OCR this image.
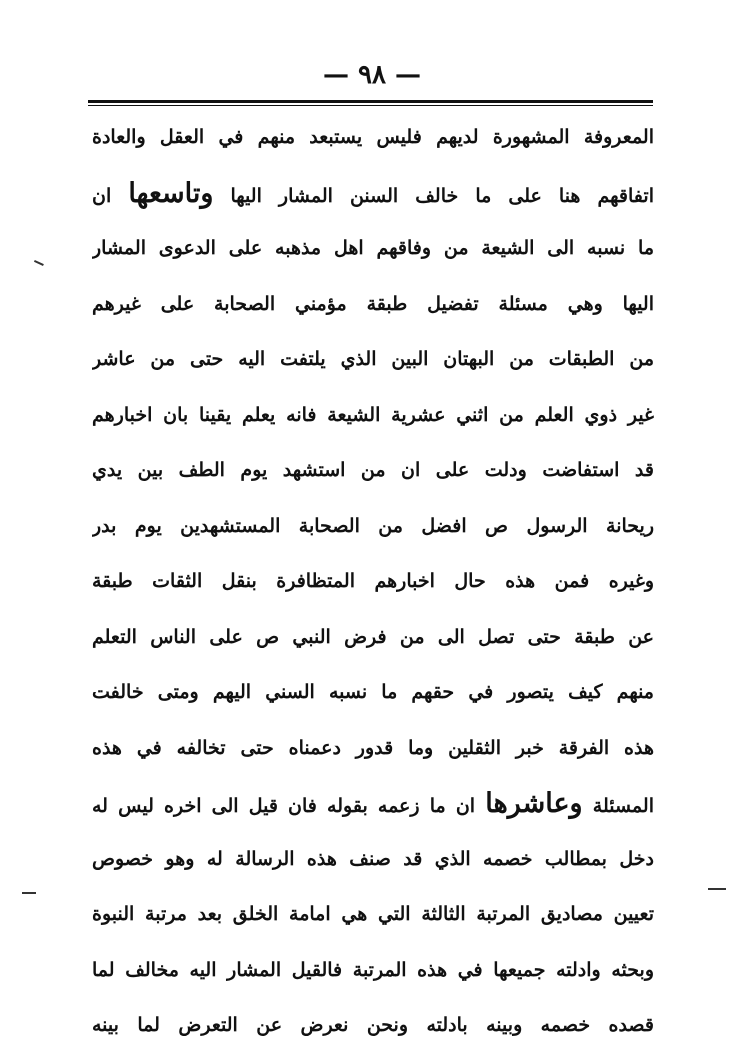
— ٩٨ —
المعروفة المشهورة لديهم فليس يستبعد منهم في العقل والعادة
اتفاقهم هنا على ما خالف السنن المشار اليها وتاسعها ان
ما نسبه الى الشيعة من وفاقهم اهل مذهبه على الدعوى المشار
اليها وهي مسئلة تفضيل طبقة مؤمني الصحابة على غيرهم
من الطبقات من البهتان البين الذي يلتفت اليه حتى من عاشر
غير ذوي العلم من اثني عشرية الشيعة فانه يعلم يقينا بان اخبارهم
قد استفاضت ودلت على ان من استشهد يوم الطف بين يدي
ريحانة الرسول ص افضل من الصحابة المستشهدين يوم بدر
وغيره فمن هذه حال اخبارهم المتظافرة بنقل الثقات طبقة
عن طبقة حتى تصل الى من فرض النبي ص على الناس التعلم
منهم كيف يتصور في حقهم ما نسبه السني اليهم ومتى خالفت
هذه الفرقة خبر الثقلين وما قدور دعمناه حتى تخالفه في هذه
المسئلة وعاشرها ان ما زعمه بقوله فان قيل الى اخره ليس له
دخل بمطالب خصمه الذي قد صنف هذه الرسالة له وهو خصوص
تعيين مصاديق المرتبة الثالثة التي هي امامة الخلق بعد مرتبة النبوة
وبحثه وادلته جميعها في هذه المرتبة فالقيل المشار اليه مخالف لما
قصده خصمه وبينه بادلته ونحن نعرض عن التعرض لما بينه
